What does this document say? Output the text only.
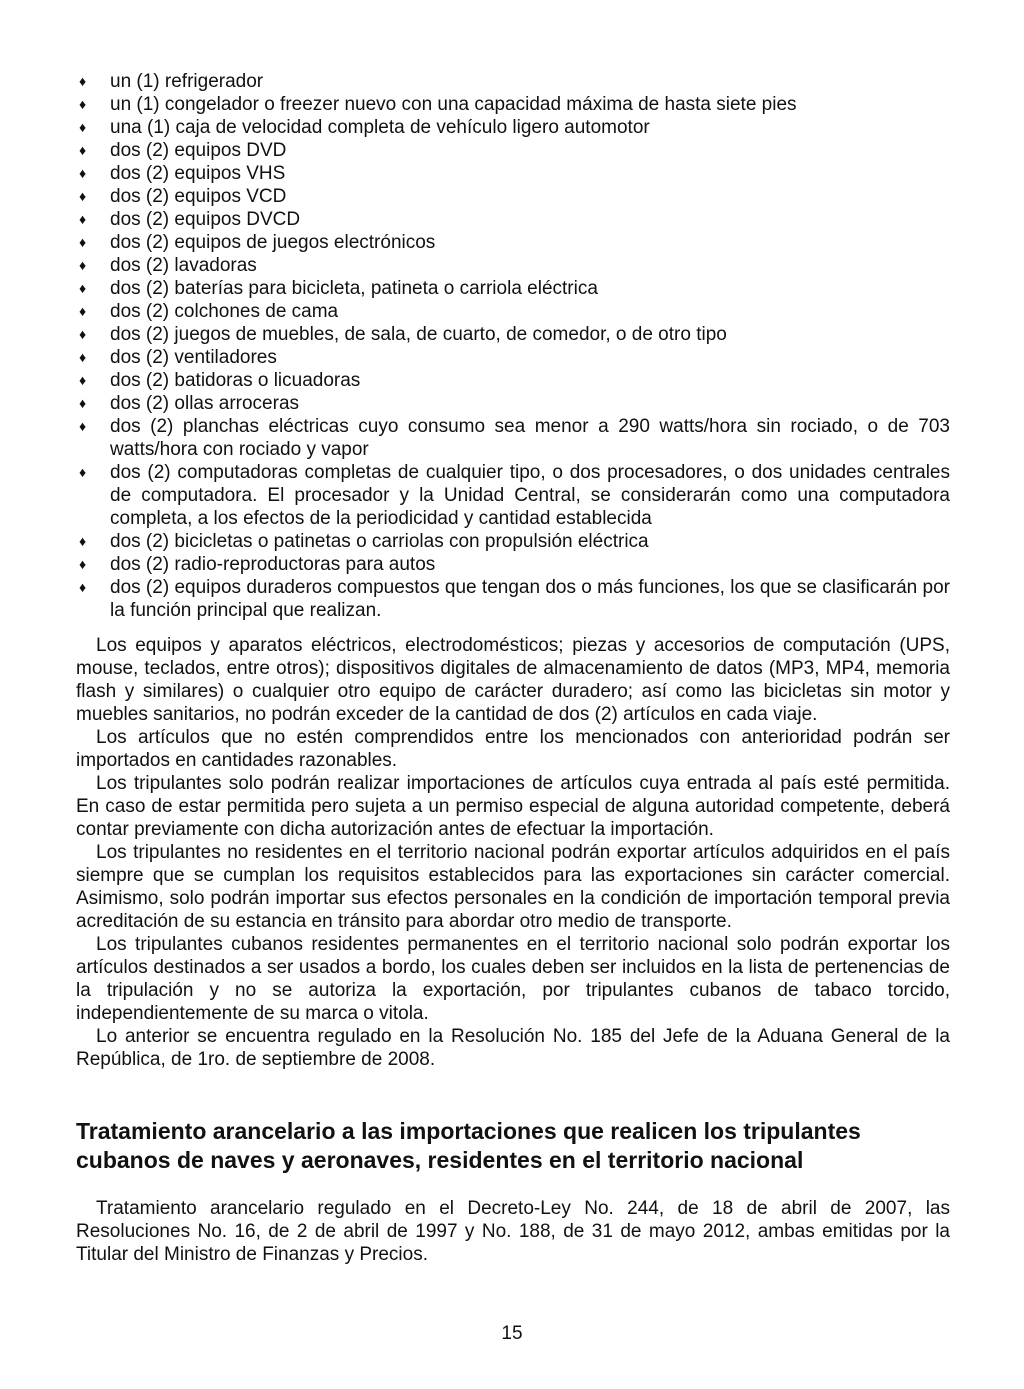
♦ un (1) refrigerador
♦ un (1) congelador o freezer nuevo con una capacidad máxima de hasta siete pies
♦ una (1) caja de velocidad completa de vehículo ligero automotor
♦ dos (2) equipos DVD
♦ dos (2) equipos VHS
♦ dos (2) equipos VCD
♦ dos (2) equipos DVCD
♦ dos (2) equipos de juegos electrónicos
♦ dos (2) lavadoras
♦ dos (2) baterías para bicicleta, patineta o carriola eléctrica
♦ dos (2) colchones de cama
♦ dos (2) juegos de muebles, de sala, de cuarto, de comedor, o de otro tipo
♦ dos (2) ventiladores
♦ dos (2) batidoras o licuadoras
♦ dos (2) ollas arroceras
♦ dos (2) planchas eléctricas cuyo consumo sea menor a 290 watts/hora sin rociado, o de 703 watts/hora con rociado y vapor
♦ dos (2) computadoras completas de cualquier tipo, o dos procesadores, o dos unidades centrales de computadora. El procesador y la Unidad Central, se considerarán como una computadora completa, a los efectos de la periodicidad y cantidad establecida
♦ dos (2) bicicletas o patinetas o carriolas con propulsión eléctrica
♦ dos (2) radio-reproductoras para autos
♦ dos (2) equipos duraderos compuestos que tengan dos o más funciones, los que se clasificarán por la función principal que realizan.

Los equipos y aparatos eléctricos, electrodomésticos; piezas y accesorios de computación (UPS, mouse, teclados, entre otros); dispositivos digitales de almacenamiento de datos (MP3, MP4, memoria flash y similares) o cualquier otro equipo de carácter duradero; así como las bicicletas sin motor y muebles sanitarios, no podrán exceder de la cantidad de dos (2) artículos en cada viaje.

Los artículos que no estén comprendidos entre los mencionados con anterioridad podrán ser importados en cantidades razonables.

Los tripulantes solo podrán realizar importaciones de artículos cuya entrada al país esté permitida. En caso de estar permitida pero sujeta a un permiso especial de alguna autoridad competente, deberá contar previamente con dicha autorización antes de efectuar la importación.

Los tripulantes no residentes en el territorio nacional podrán exportar artículos adquiridos en el país siempre que se cumplan los requisitos establecidos para las exportaciones sin carácter comercial. Asimismo, solo podrán importar sus efectos personales en la condición de importación temporal previa acreditación de su estancia en tránsito para abordar otro medio de transporte.

Los tripulantes cubanos residentes permanentes en el territorio nacional solo podrán exportar los artículos destinados a ser usados a bordo, los cuales deben ser incluidos en la lista de pertenencias de la tripulación y no se autoriza la exportación, por tripulantes cubanos de tabaco torcido, independientemente de su marca o vitola.

Lo anterior se encuentra regulado en la Resolución No. 185 del Jefe de la Aduana General de la República, de 1ro. de septiembre de 2008.

Tratamiento arancelario a las importaciones que realicen los tripulantes cubanos de naves y aeronaves, residentes en el territorio nacional

Tratamiento arancelario regulado en el Decreto-Ley No. 244, de 18 de abril de 2007, las Resoluciones No. 16, de 2 de abril de 1997 y No. 188, de 31 de mayo 2012, ambas emitidas por la Titular del Ministro de Finanzas y Precios.

15
